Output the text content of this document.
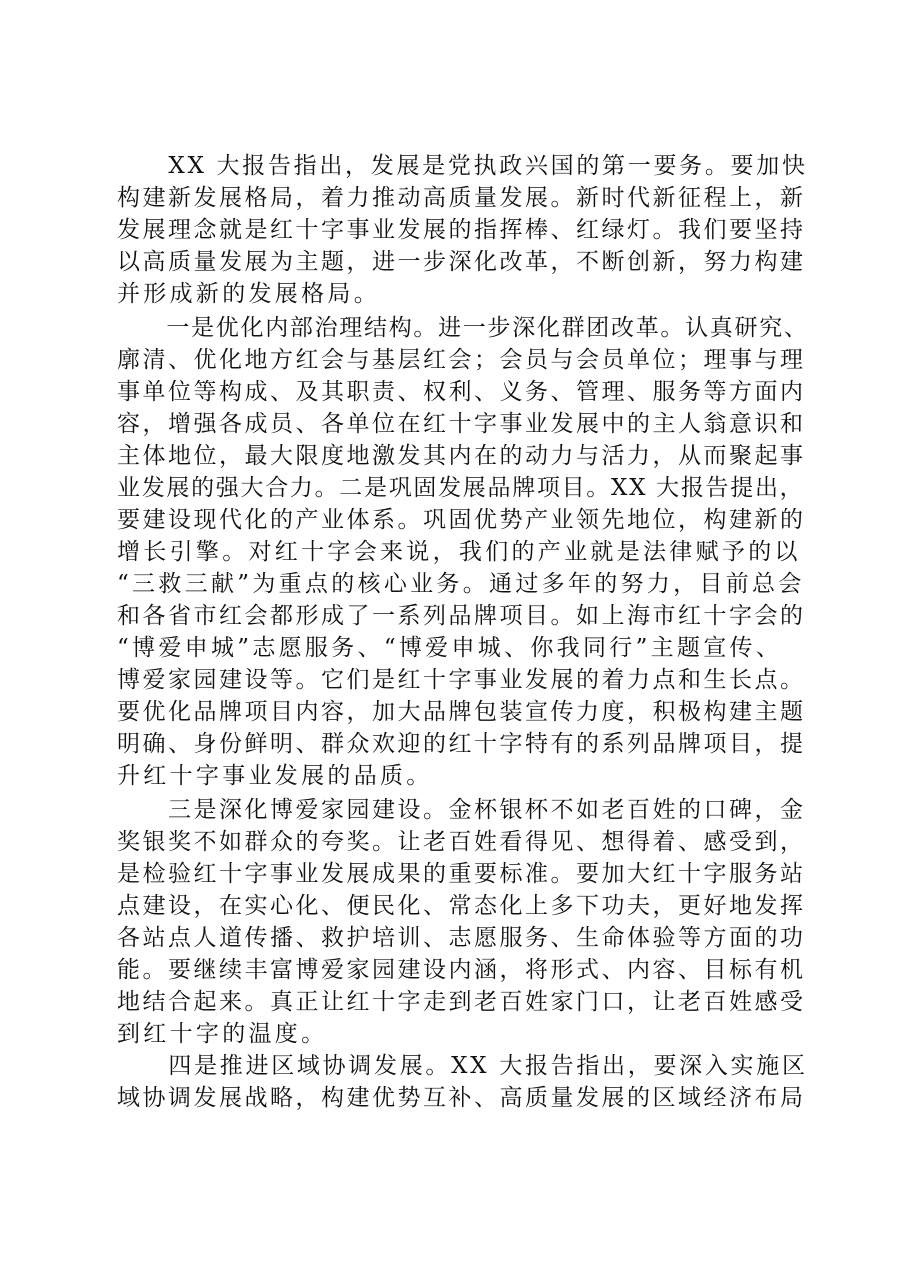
　　XX 大报告指出，发展是党执政兴国的第一要务。要加快
构建新发展格局，着力推动高质量发展。新时代新征程上，新
发展理念就是红十字事业发展的指挥棒、红绿灯。我们要坚持
以高质量发展为主题，进一步深化改革，不断创新，努力构建
并形成新的发展格局。
　　一是优化内部治理结构。进一步深化群团改革。认真研究、
廓清、优化地方红会与基层红会；会员与会员单位；理事与理
事单位等构成、及其职责、权利、义务、管理、服务等方面内
容，增强各成员、各单位在红十字事业发展中的主人翁意识和
主体地位，最大限度地激发其内在的动力与活力，从而聚起事
业发展的强大合力。二是巩固发展品牌项目。XX 大报告提出，
要建设现代化的产业体系。巩固优势产业领先地位，构建新的
增长引擎。对红十字会来说，我们的产业就是法律赋予的以
“三救三献”为重点的核心业务。通过多年的努力，目前总会
和各省市红会都形成了一系列品牌项目。如上海市红十字会的
“博爱申城”志愿服务、“博爱申城、你我同行”主题宣传、
博爱家园建设等。它们是红十字事业发展的着力点和生长点。
要优化品牌项目内容，加大品牌包装宣传力度，积极构建主题
明确、身份鲜明、群众欢迎的红十字特有的系列品牌项目，提
升红十字事业发展的品质。
　　三是深化博爱家园建设。金杯银杯不如老百姓的口碑，金
奖银奖不如群众的夸奖。让老百姓看得见、想得着、感受到，
是检验红十字事业发展成果的重要标准。要加大红十字服务站
点建设，在实心化、便民化、常态化上多下功夫，更好地发挥
各站点人道传播、救护培训、志愿服务、生命体验等方面的功
能。要继续丰富博爱家园建设内涵，将形式、内容、目标有机
地结合起来。真正让红十字走到老百姓家门口，让老百姓感受
到红十字的温度。
　　四是推进区域协调发展。XX 大报告指出，要深入实施区
域协调发展战略，构建优势互补、高质量发展的区域经济布局
